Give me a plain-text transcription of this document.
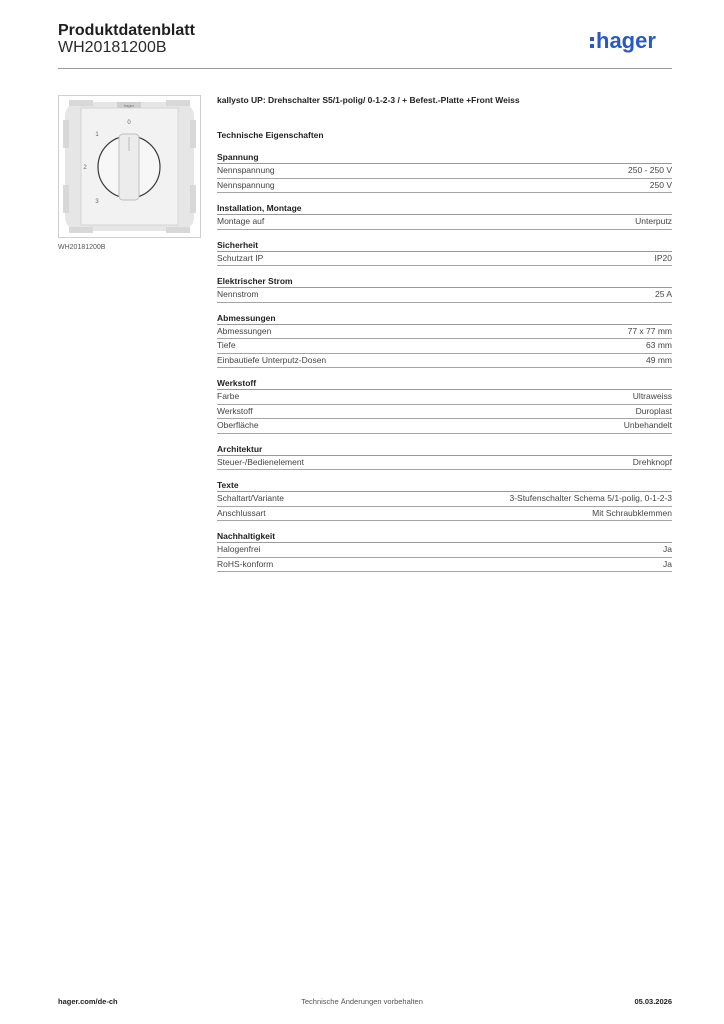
Produktdatenblatt
WH20181200B	hager
hager
0
1
2
3
WH20181200B
kallysto UP: Drehschalter S5/1-polig/ 0-1-2-3 / + Befest.-Platte +Front Weiss
Technische Eigenschaften
Spannung
Nennspannung	250 - 250 V
Nennspannung	250 V
Installation, Montage
Montage auf	Unterputz
Sicherheit
Schutzart IP	IP20
Elektrischer Strom
Nennstrom	25 A
Abmessungen
Abmessungen	77 x 77 mm
Tiefe	63 mm
Einbautiefe Unterputz-Dosen	49 mm
Werkstoff
Farbe	Ultraweiss
Werkstoff	Duroplast
Oberfläche	Unbehandelt
Architektur
Steuer-/Bedienelement	Drehknopf
Texte
Schaltart/Variante	3-Stufenschalter Schema 5/1-polig, 0-1-2-3
Anschlussart	Mit Schraubklemmen
Nachhaltigkeit
Halogenfrei	Ja
RoHS-konform	Ja
hager.com/de-ch	Technische Änderungen vorbehalten	05.03.2026
